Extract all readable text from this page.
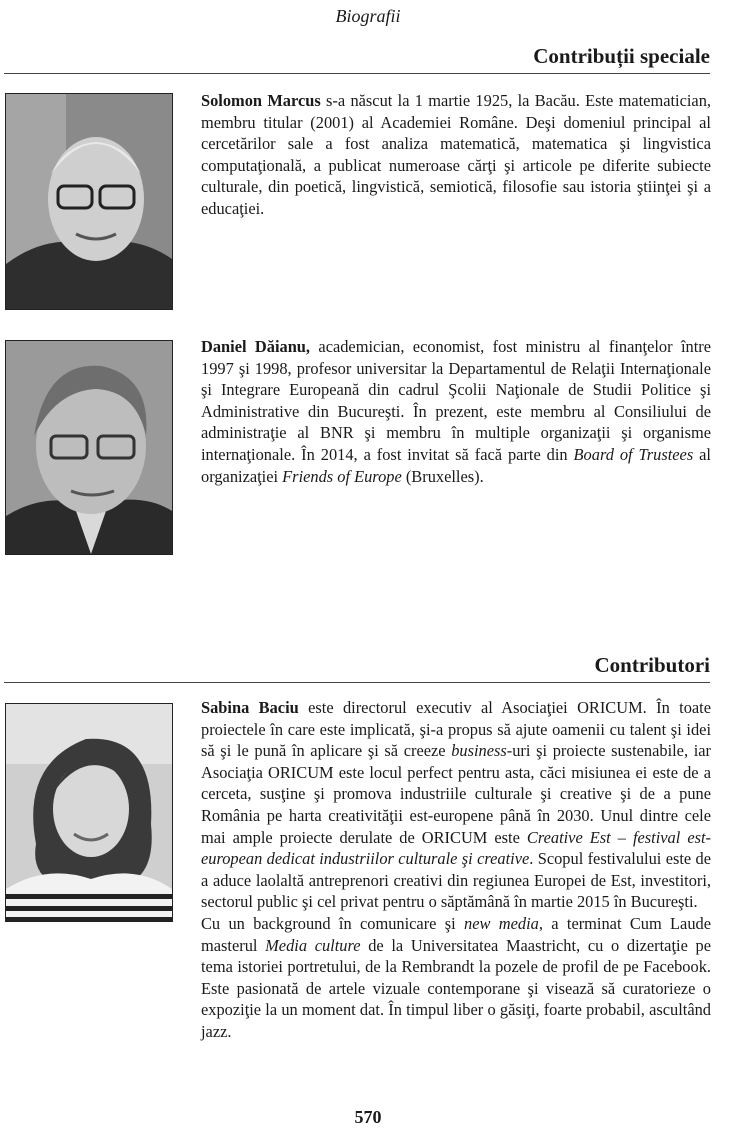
Biografii
Contribuții speciale

Solomon Marcus s-a născut la 1 martie 1925, la Bacău. Este matematician, membru titular (2001) al Academiei Române. Deşi domeniul principal al cercetărilor sale a fost analiza matematică, matematica şi lingvistica computaţională, a publicat numeroase cărţi şi articole pe diferite subiecte culturale, din poetică, lingvistică, semiotică, filosofie sau istoria ştiinţei şi a educaţiei.

Daniel Dăianu, academician, economist, fost ministru al finanţelor între 1997 şi 1998, profesor universitar la Departamentul de Relaţii Internaţionale şi Integrare Europeană din cadrul Şcolii Naţionale de Studii Politice şi Administrative din Bucureşti. În prezent, este membru al Consiliului de administraţie al BNR şi membru în multiple organizaţii şi organisme internaţionale. În 2014, a fost invitat să facă parte din Board of Trustees al organizaţiei Friends of Europe (Bruxelles).

Contributori

Sabina Baciu este directorul executiv al Asociaţiei ORICUM. În toate proiectele în care este implicată, şi-a propus să ajute oamenii cu talent şi idei să şi le pună în aplicare şi să creeze business-uri şi proiecte sustenabile, iar Asociaţia ORICUM este locul perfect pentru asta, căci misiunea ei este de a cerceta, susţine şi promova industriile culturale şi creative şi de a pune România pe harta creativităţii est-europene până în 2030. Unul dintre cele mai ample proiecte derulate de ORICUM este Creative Est – festival est-european dedicat industriilor culturale şi creative. Scopul festivalului este de a aduce laolaltă antreprenori creativi din regiunea Europei de Est, investitori, sectorul public şi cel privat pentru o săptămână în martie 2015 în Bucureşti.

Cu un background în comunicare şi new media, a terminat Cum Laude masterul Media culture de la Universitatea Maastricht, cu o dizertaţie pe tema istoriei portretului, de la Rembrandt la pozele de profil de pe Facebook. Este pasionată de artele vizuale contemporane şi visează să curatorieze o expoziţie la un moment dat. În timpul liber o găsiţi, foarte probabil, ascultând jazz.

570
